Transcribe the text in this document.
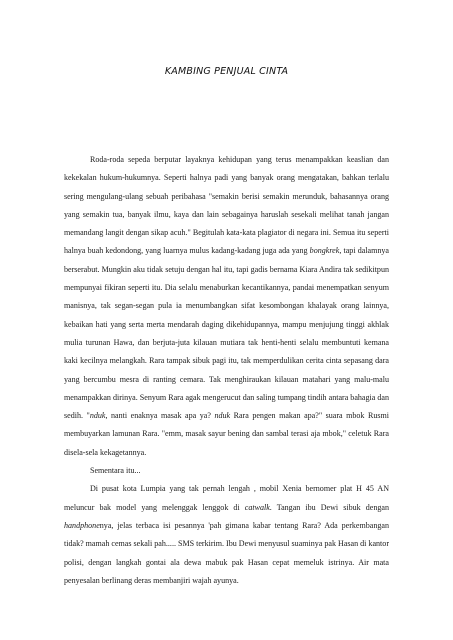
KAMBING PENJUAL CINTA

Roda-roda sepeda berputar layaknya kehidupan yang terus menampakkan keaslian dan kekekalan hukum-hukumnya. Seperti halnya padi yang banyak orang mengatakan, bahkan terlalu sering mengulang-ulang sebuah peribahasa "semakin berisi semakin merunduk, bahasannya orang yang semakin tua, banyak ilmu, kaya dan lain sebagainya haruslah sesekali melihat tanah jangan memandang langit dengan sikap acuh." Begitulah kata-kata plagiator di negara ini. Semua itu seperti halnya buah kedondong, yang luarnya mulus kadang-kadang juga ada yang bongkrek, tapi dalamnya berserabut. Mungkin aku tidak setuju dengan hal itu, tapi gadis bernama Kiara Andira tak sedikitpun mempunyai fikiran seperti itu. Dia selalu menaburkan kecantikannya, pandai menempatkan senyum manisnya, tak segan-segan pula ia menumbangkan sifat kesombongan khalayak orang lainnya, kebaikan hati yang serta merta mendarah daging dikehidupannya, mampu menjujung tinggi akhlak mulia turunan Hawa, dan berjuta-juta kilauan mutiara tak henti-henti selalu membuntuti kemana kaki kecilnya melangkah. Rara tampak sibuk pagi itu, tak memperdulikan cerita cinta sepasang dara yang bercumbu mesra di ranting cemara. Tak menghiraukan kilauan matahari yang malu-malu menampakkan dirinya. Senyum Rara agak mengerucut dan saling tumpang tindih antara bahagia dan sedih. "nduk, nanti enaknya masak apa ya? nduk Rara pengen makan apa?" suara mbok Rusmi membuyarkan lamunan Rara. "emm, masak sayur bening dan sambal terasi aja mbok," celetuk Rara disela-sela kekagetannya.

Sementara itu...

Di pusat kota Lumpia yang tak pernah lengah , mobil Xenia bernomer plat H 45 AN meluncur bak model yang melenggak lenggok di catwalk. Tangan ibu Dewi sibuk dengan handphonenya, jelas terbaca isi pesannya 'pah gimana kabar tentang Rara? Ada perkembangan tidak? mamah cemas sekali pah..... SMS terkirim. Ibu Dewi menyusul suaminya pak Hasan di kantor polisi, dengan langkah gontai ala dewa mabuk pak Hasan cepat memeluk istrinya. Air mata penyesalan berlinang deras membanjiri wajah ayunya.
